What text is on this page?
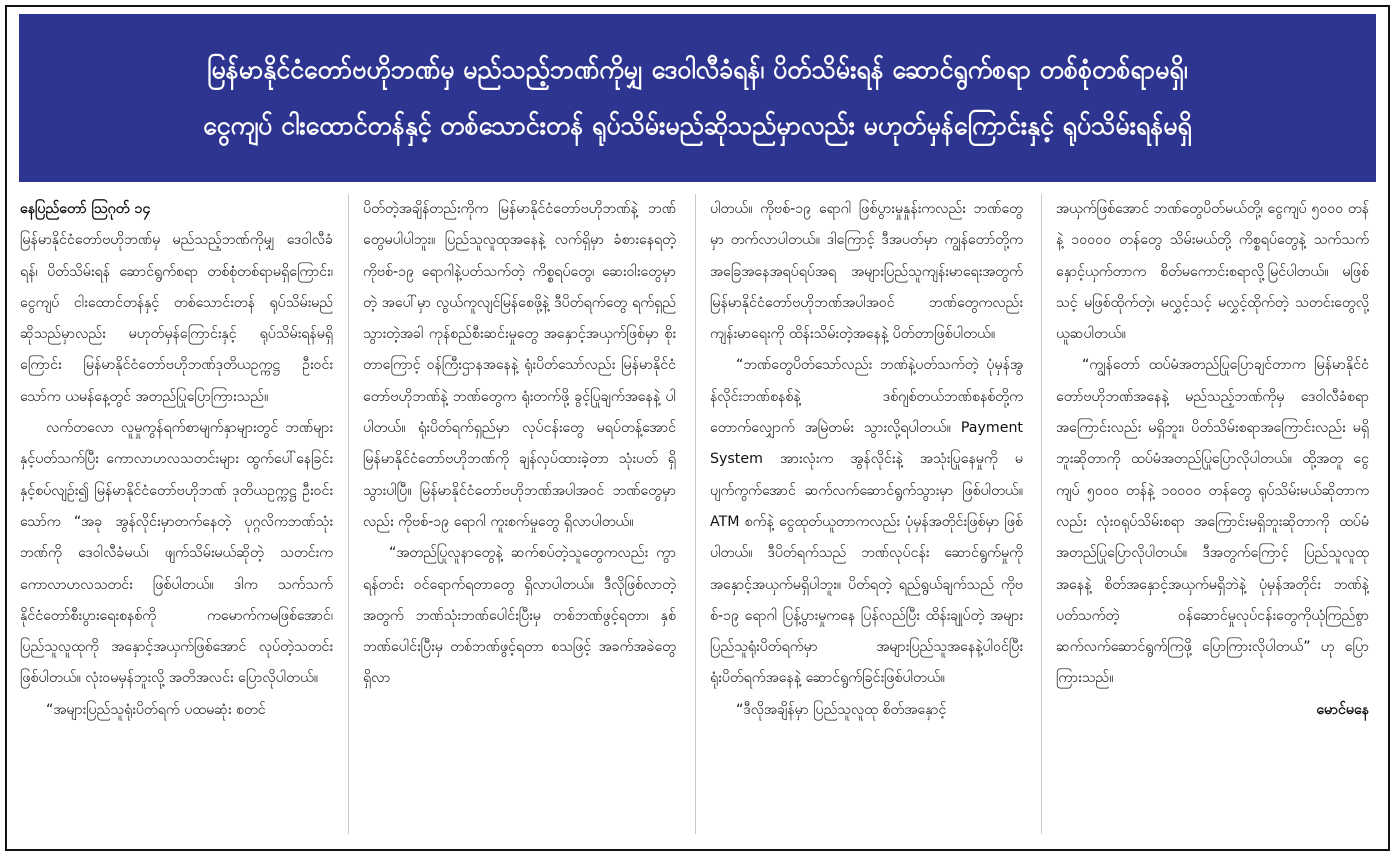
မြန်မာနိုင်ငံတော်ဗဟိုဘဏ်မှ မည်သည့်ဘဏ်ကိုမျှ ဒေဝါလီခံရန်၊ ပိတ်သိမ်းရန် ဆောင်ရွက်စရာ တစ်စုံတစ်ရာမရှိ၊
ငွေကျပ် ငါးထောင်တန်နှင့် တစ်သောင်းတန် ရုပ်သိမ်းမည်ဆိုသည်မှာလည်း မဟုတ်မှန်ကြောင်းနှင့် ရုပ်သိမ်းရန်မရှိ

နေပြည်တော် ဩဂုတ် ၁၄

မြန်မာနိုင်ငံတော်ဗဟိုဘဏ်မှ မည်သည့်ဘဏ်ကိုမျှ ဒေဝါလီခံရန်၊ ပိတ်သိမ်းရန် ဆောင်ရွက်စရာ တစ်စုံတစ်ရာမရှိကြောင်း၊ ငွေကျပ် ငါးထောင်တန်နှင့် တစ်သောင်းတန် ရုပ်သိမ်းမည်ဆိုသည်မှာလည်း မဟုတ်မှန်ကြောင်းနှင့် ရုပ်သိမ်းရန်မရှိကြောင်း မြန်မာနိုင်ငံတော်ဗဟိုဘဏ်ဒုတိယဥက္ကဋ္ဌ ဦးဝင်းသော်က ယမန်နေ့တွင် အတည်ပြုပြောကြားသည်။

လက်တလော လူမှုကွန်ရက်စာမျက်နှာများတွင် ဘဏ်များနှင့်ပတ်သက်ပြီး ကောလာဟလသတင်းများ ထွက်ပေါ်နေခြင်းနှင့်စပ်လျဉ်း၍ မြန်မာနိုင်ငံတော်ဗဟိုဘဏ် ဒုတိယဥက္ကဋ္ဌ ဦးဝင်းသော်က “အခု အွန်လိုင်းမှာတက်နေတဲ့ ပုဂ္ဂလိကဘဏ်သုံးဘဏ်ကို ဒေဝါလီခံမယ်၊ ဖျက်သိမ်းမယ်ဆိုတဲ့ သတင်းက ကောလာဟလသတင်း ဖြစ်ပါတယ်။ ဒါက သက်သက် နိုင်ငံတော်စီးပွားရေးစနစ်ကို ကမောက်ကမဖြစ်အောင်၊ ပြည်သူလူထုကို အနှောင့်အယှက်ဖြစ်အောင် လုပ်တဲ့သတင်း ဖြစ်ပါတယ်။ လုံးဝမမှန်ဘူးလို့ အတိအလင်း ပြောလိုပါတယ်။

“အများပြည်သူရုံးပိတ်ရက် ပထမဆုံး စတင်

ပိတ်တဲ့အချိန်တည်းကိုက မြန်မာနိုင်ငံတော်ဗဟိုဘဏ်နဲ့ ဘဏ်တွေမပါပါဘူး။ ပြည်သူလူထုအနေနဲ့ လက်ရှိမှာ ခံစားနေရတဲ့ ကိုဗစ်-၁၉ ရောဂါနဲ့ပတ်သက်တဲ့ ကိစ္စရပ်တွေ၊ ဆေးဝါးတွေမှာတဲ့ အပေါ်မှာ လွယ်ကူလျင်မြန်စေဖို့နဲ့ ဒီပိတ်ရက်တွေ ရက်ရှည်သွားတဲ့အခါ ကုန်စည်စီးဆင်းမှုတွေ အနှောင့်အယှက်ဖြစ်မှာ စိုးတာကြောင့် ဝန်ကြီးဌာနအနေနဲ့ ရုံးပိတ်သော်လည်း မြန်မာနိုင်ငံတော်ဗဟိုဘဏ်နဲ့ ဘဏ်တွေက ရုံးတက်ဖို့ ခွင့်ပြုချက်အနေနဲ့ ပါပါတယ်။ ရုံးပိတ်ရက်ရှည်မှာ လုပ်ငန်းတွေ မရပ်တန့်အောင် မြန်မာနိုင်ငံတော်ဗဟိုဘဏ်ကို ချန်လှပ်ထားခဲ့တာ သုံးပတ် ရှိသွားပါပြီ။ မြန်မာနိုင်ငံတော်ဗဟိုဘဏ်အပါအဝင် ဘဏ်တွေမှာလည်း ကိုဗစ်-၁၉ ရောဂါ ကူးစက်မှုတွေ ရှိလာပါတယ်။

“အတည်ပြုလူနာတွေနဲ့ ဆက်စပ်တဲ့သူတွေကလည်း ကွာရန်တင်း ဝင်ရောက်ရတာတွေ ရှိလာပါတယ်။ ဒီလိုဖြစ်လာတဲ့အတွက် ဘဏ်သုံးဘဏ်ပေါင်းပြီးမှ တစ်ဘဏ်ဖွင့်ရတာ၊ နှစ်ဘဏ်ပေါင်းပြီးမှ တစ်ဘဏ်ဖွင့်ရတာ စသဖြင့် အခက်အခဲတွေ ရှိလာ

ပါတယ်။ ကိုဗစ်-၁၉ ရောဂါ ဖြစ်ပွားမှုနှုန်းကလည်း ဘဏ်တွေမှာ တက်လာပါတယ်။ ဒါကြောင့် ဒီအပတ်မှာ ကျွန်တော်တို့က အခြေအနေအရပ်ရပ်အရ အများပြည်သူကျန်းမာရေးအတွက် မြန်မာနိုင်ငံတော်ဗဟိုဘဏ်အပါအဝင် ဘဏ်တွေကလည်း ကျန်းမာရေးကို ထိန်းသိမ်းတဲ့အနေနဲ့ ပိတ်တာဖြစ်ပါတယ်။

“ဘဏ်တွေပိတ်သော်လည်း ဘဏ်နဲ့ပတ်သက်တဲ့ ပုံမှန်အွန်လိုင်းဘဏ်စနစ်နဲ့ ဒစ်ဂျစ်တယ်ဘဏ်စနစ်တို့က တောက်လျှောက် အမြဲတမ်း သွားလို့ရပါတယ်။ Payment System အားလုံးက အွန်လိုင်းနဲ့ အသုံးပြုနေမှုကို မပျက်ကွက်အောင် ဆက်လက်ဆောင်ရွက်သွားမှာ ဖြစ်ပါတယ်။ ATM စက်နဲ့ ငွေထုတ်ယူတာကလည်း ပုံမှန်အတိုင်းဖြစ်မှာ ဖြစ်ပါတယ်။ ဒီပိတ်ရက်သည် ဘဏ်လုပ်ငန်း ဆောင်ရွက်မှုကို အနှောင့်အယှက်မရှိပါဘူး။ ပိတ်ရတဲ့ ရည်ရွယ်ချက်သည် ကိုဗစ်-၁၉ ရောဂါ ပြန့်ပွားမှုကနေ ပြန်လည်ပြီး ထိန်းချုပ်တဲ့ အများပြည်သူရုံးပိတ်ရက်မှာ အများပြည်သူအနေနဲ့ပါဝင်ပြီး ရုံးပိတ်ရက်အနေနဲ့ ဆောင်ရွက်ခြင်းဖြစ်ပါတယ်။

“ဒီလိုအချိန်မှာ ပြည်သူလူထု စိတ်အနှောင့်

အယှက်ဖြစ်အောင် ဘဏ်တွေပိတ်မယ်တို့၊ ငွေကျပ် ၅၀၀၀ တန်နဲ့ ၁၀၀၀၀ တန်တွေ သိမ်းမယ်တို့ ကိစ္စရပ်တွေနဲ့ သက်သက်နှောင့်ယှက်တာက စိတ်မကောင်းစရာလို့မြင်ပါတယ်။ မဖြစ်သင့် မဖြစ်ထိုက်တဲ့၊ မလွှင့်သင့် မလွှင့်ထိုက်တဲ့ သတင်းတွေလို့ ယူဆပါတယ်။

“ကျွန်တော် ထပ်မံအတည်ပြုပြောချင်တာက မြန်မာနိုင်ငံတော်ဗဟိုဘဏ်အနေနဲ့ မည်သည့်ဘဏ်ကိုမှ ဒေဝါလီခံစရာ အကြောင်းလည်း မရှိဘူး၊ ပိတ်သိမ်းစရာအကြောင်းလည်း မရှိဘူးဆိုတာကို ထပ်မံအတည်ပြုပြောလိုပါတယ်။ ထို့အတူ ငွေကျပ် ၅၀၀၀ တန်နဲ့ ၁၀၀၀၀ တန်တွေ ရုပ်သိမ်းမယ်ဆိုတာကလည်း လုံးဝရုပ်သိမ်းစရာ အကြောင်းမရှိဘူးဆိုတာကို ထပ်မံအတည်ပြုပြောလိုပါတယ်။ ဒီအတွက်ကြောင့် ပြည်သူလူထုအနေနဲ့ စိတ်အနှောင့်အယှက်မရှိဘဲနဲ့ ပုံမှန်အတိုင်း ဘဏ်နဲ့ပတ်သက်တဲ့ ဝန်ဆောင်မှုလုပ်ငန်းတွေကိုယုံကြည်စွာ ဆက်လက်ဆောင်ရွက်ကြဖို့ ပြောကြားလိုပါတယ်” ဟု ပြောကြားသည်။

မောင်မနေ
